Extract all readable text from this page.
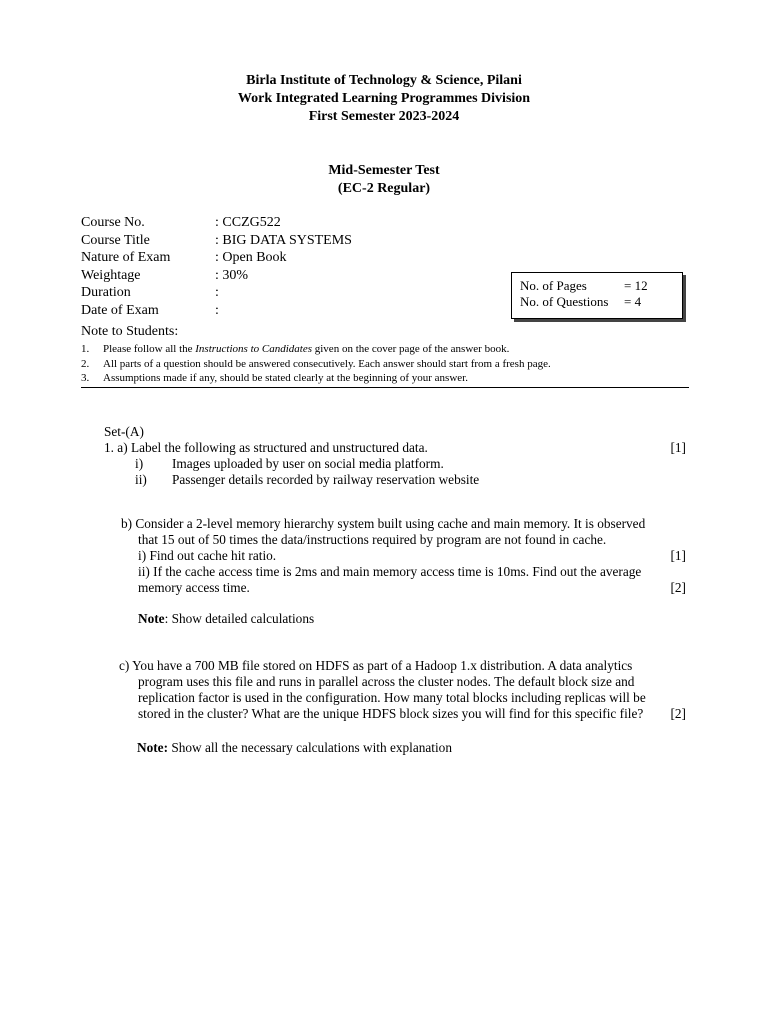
Birla Institute of Technology & Science, Pilani
Work Integrated Learning Programmes Division
First Semester 2023-2024
Mid-Semester Test
(EC-2 Regular)
Course No.	: CCZG522
Course Title	: BIG DATA SYSTEMS
Nature of Exam	: Open Book
Weightage	: 30%
Duration	:
Date of Exam	:
No. of Pages	= 12
No. of Questions = 4
Note to Students:
1. Please follow all the Instructions to Candidates given on the cover page of the answer book.
2. All parts of a question should be answered consecutively. Each answer should start from a fresh page.
3. Assumptions made if any, should be stated clearly at the beginning of your answer.
Set-(A)
1. a) Label the following as structured and unstructured data.	[1]
i) Images uploaded by user on social media platform.
ii) Passenger details recorded by railway reservation website
b) Consider a 2-level memory hierarchy system built using cache and main memory. It is observed
that 15 out of 50 times the data/instructions required by program are not found in cache.
i) Find out cache hit ratio.	[1]
ii) If the cache access time is 2ms and main memory access time is 10ms. Find out the average
memory access time.	[2]
Note: Show detailed calculations
c) You have a 700 MB file stored on HDFS as part of a Hadoop 1.x distribution. A data analytics
program uses this file and runs in parallel across the cluster nodes. The default block size and
replication factor is used in the configuration. How many total blocks including replicas will be
stored in the cluster? What are the unique HDFS block sizes you will find for this specific file? [2]
Note: Show all the necessary calculations with explanation
